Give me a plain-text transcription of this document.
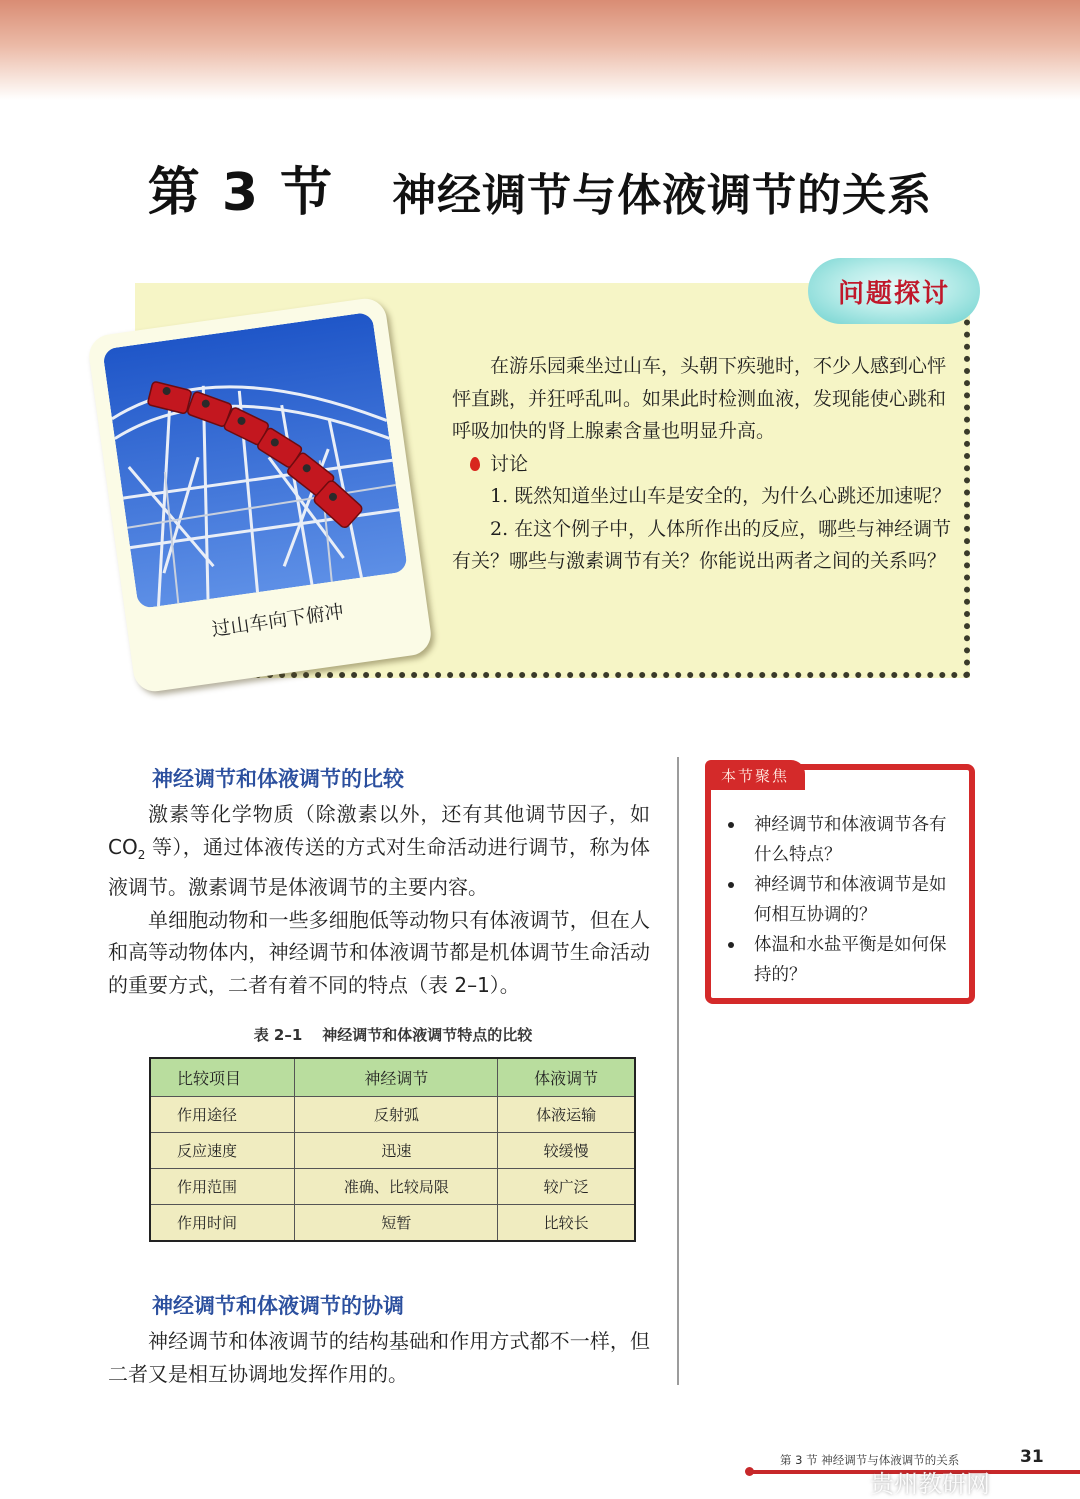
第 3 节 神经调节与体液调节的关系
问题探讨
过山车向下俯冲

在游乐园乘坐过山车，头朝下疾驰时，不少人感到心怦怦直跳，并狂呼乱叫。如果此时检测血液，发现能使心跳和呼吸加快的肾上腺素含量也明显升高。

讨论

1. 既然知道坐过山车是安全的，为什么心跳还加速呢？

2. 在这个例子中，人体所作出的反应，哪些与神经调节有关？哪些与激素调节有关？你能说出两者之间的关系吗？

神经调节和体液调节的比较

激素等化学物质（除激素以外，还有其他调节因子，如 $CO_2$ 等），通过体液传送的方式对生命活动进行调节，称为体液调节。激素调节是体液调节的主要内容。

单细胞动物和一些多细胞低等动物只有体液调节，但在人和高等动物体内，神经调节和体液调节都是机体调节生命活动的重要方式，二者有着不同的特点（表 2–1）。

表 2–1 神经调节和体液调节特点的比较
比较项目	神经调节	体液调节
作用途径	反射弧	体液运输
反应速度	迅速	较缓慢
作用范围	准确、比较局限	较广泛
作用时间	短暂	比较长
神经调节和体液调节的协调

神经调节和体液调节的结构基础和作用方式都不一样，但二者又是相互协调地发挥作用的。

本节聚焦
神经调节和体液调节各有什么特点？
神经调节和体液调节是如何相互协调的？
体温和水盐平衡是如何保持的？
第 3 节 神经调节与体液调节的关系	31
贵州教研网
